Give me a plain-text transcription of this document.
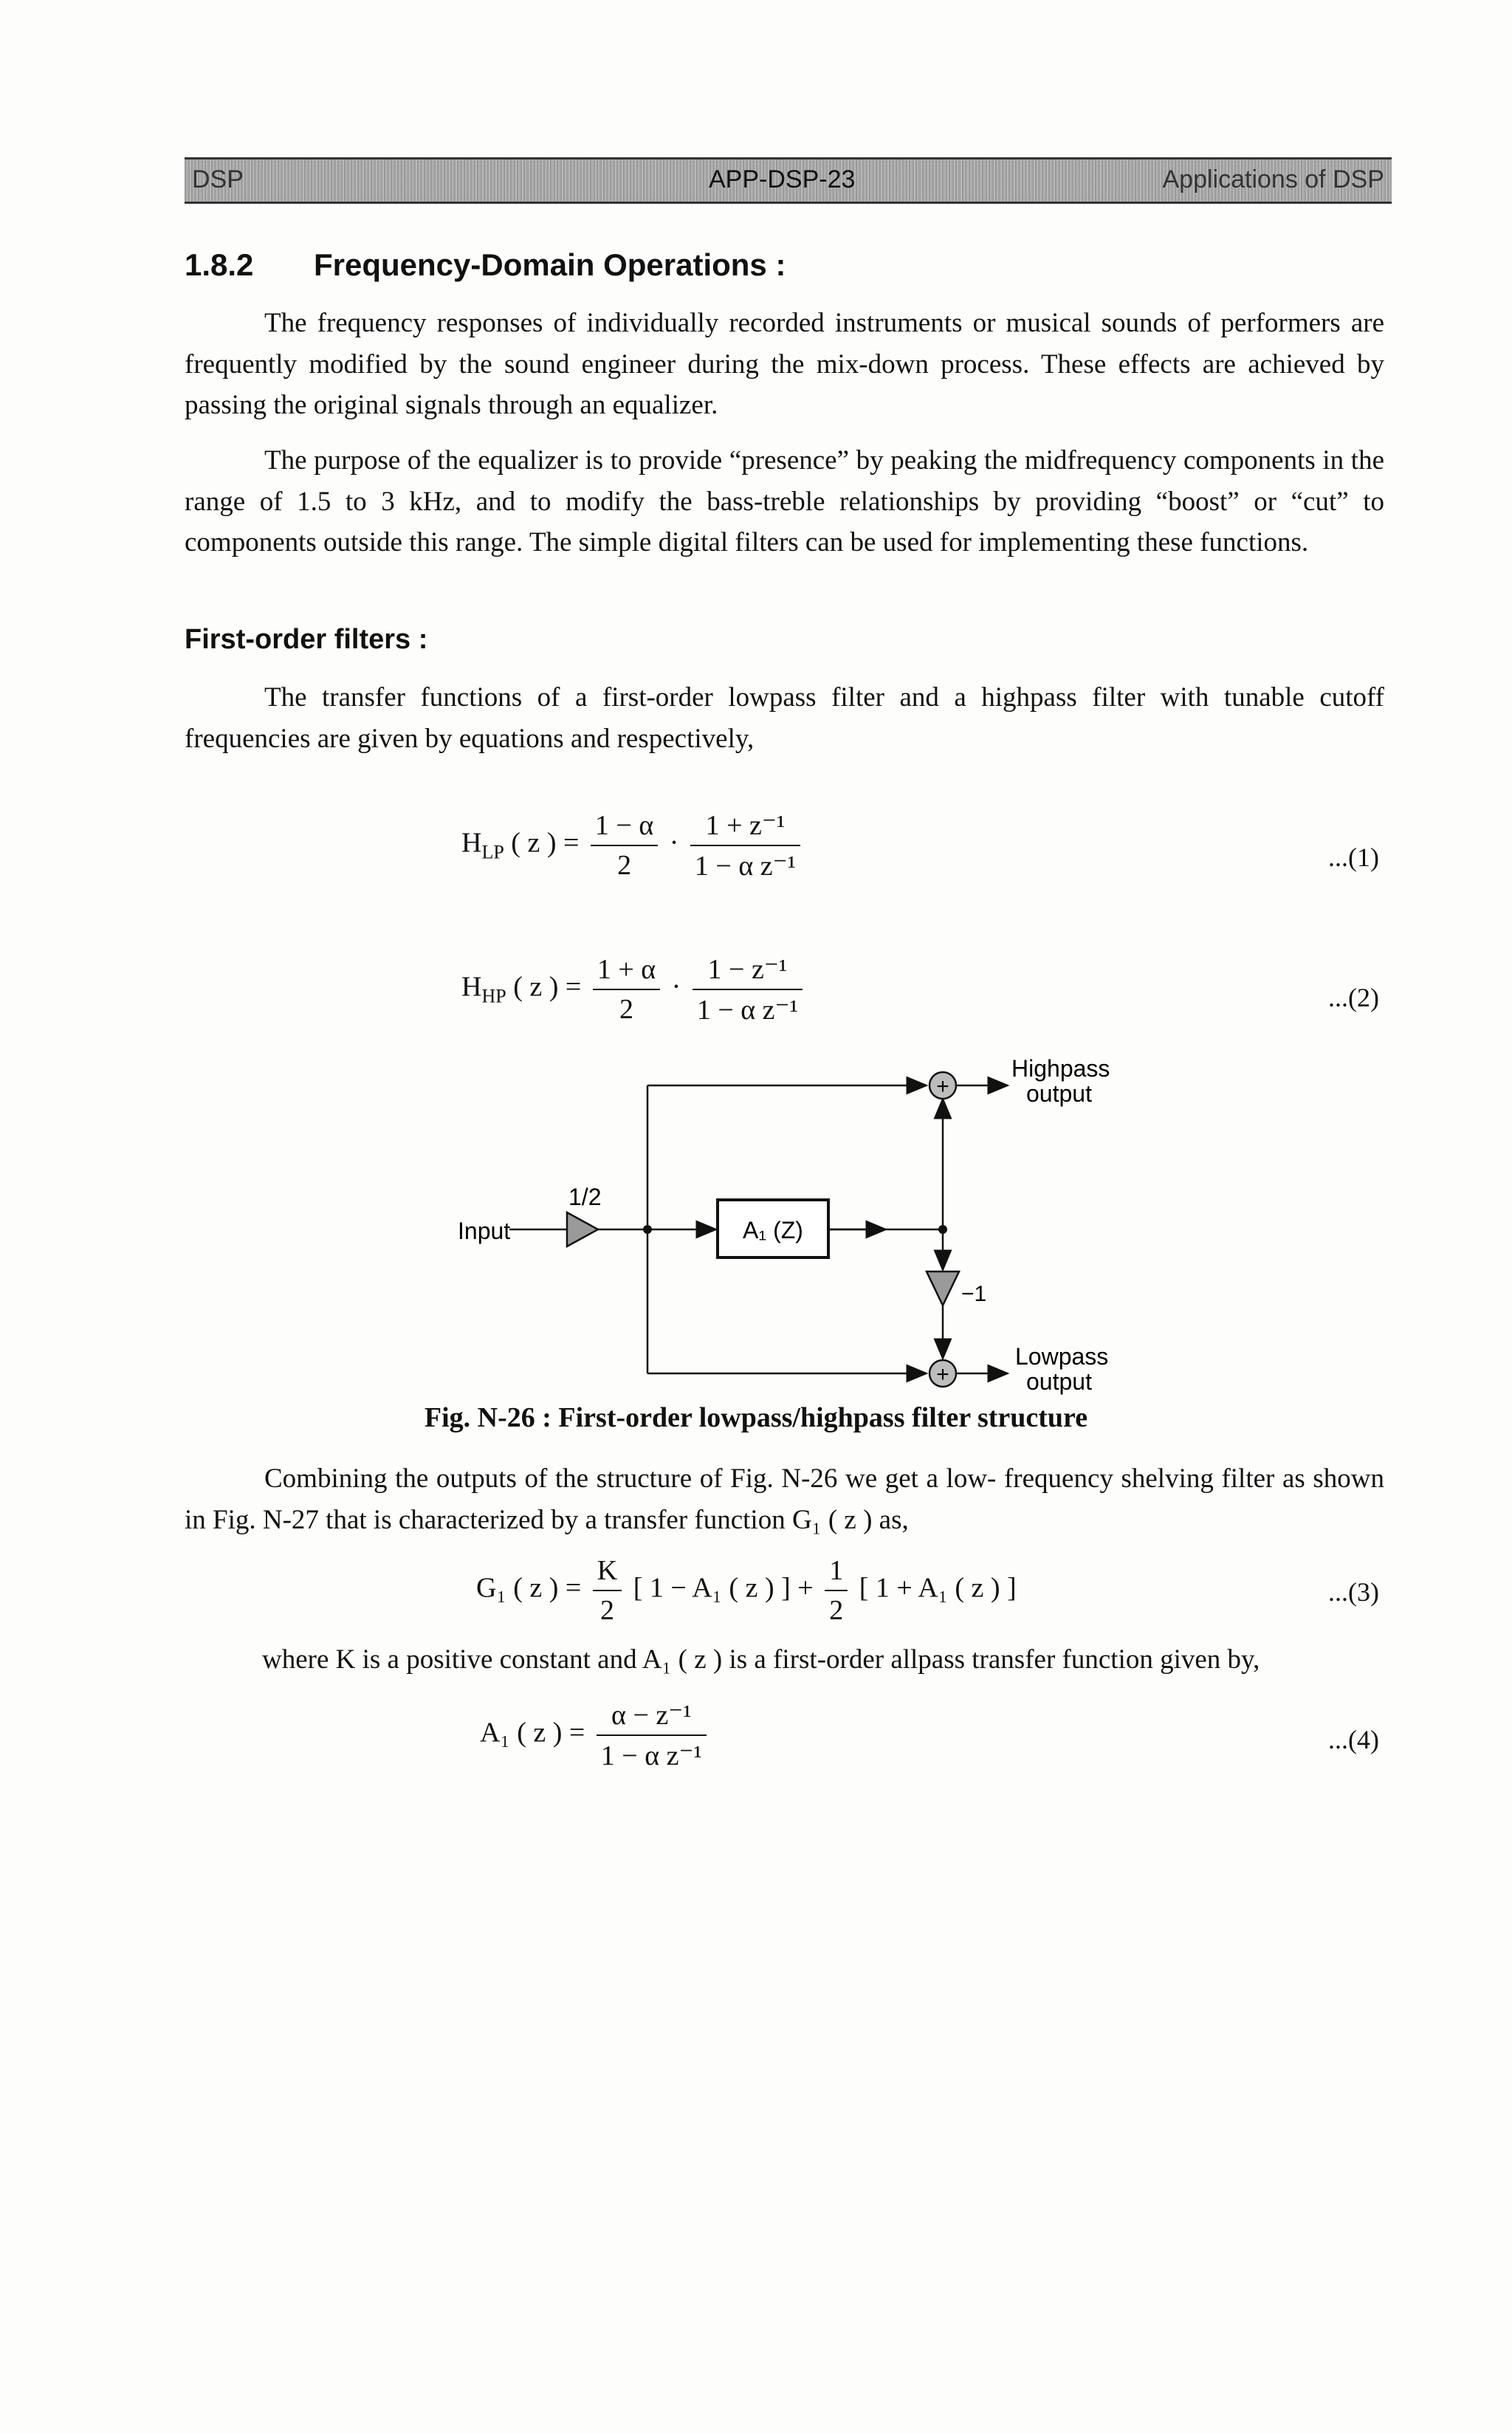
DSP	APP-DSP-23	Applications of DSP
1.8.2 Frequency-Domain Operations :

The frequency responses of individually recorded instruments or musical sounds of performers are frequently modified by the sound engineer during the mix-down process. These effects are achieved by passing the original signals through an equalizer.

The purpose of the equalizer is to provide “presence” by peaking the midfrequency components in the range of 1.5 to 3 kHz, and to modify the bass-treble relationships by providing “boost” or “cut” to components outside this range. The simple digital filters can be used for implementing these functions.

First-order filters :

The transfer functions of a first-order lowpass filter and a highpass filter with tunable cutoff frequencies are given by equations and respectively,

$H_{LP}$ ( z ) = $\frac{1 - \alpha}{2} \cdot \frac{\text{1 + z⁻¹}}{\text{1 − α z⁻¹}}$	...(1)
$H_{HP}$ ( z ) = $\frac{1 + \alpha}{2} \cdot \frac{\text{1 − z⁻¹}}{\text{1 − α z⁻¹}}$	...(2)
Input
1/2
A₁ (Z)
−1
+
Highpass
output
+
Lowpass
output
Fig. N-26 : First-order lowpass/highpass filter structure

Combining the outputs of the structure of Fig. N-26 we get a low- frequency shelving filter as shown in Fig. N-27 that is characterized by a transfer function G₁ ( z ) as,

G₁ ( z ) = $\frac{K}{2}$ [ 1 − A₁ ( z ) ] + $\frac{1}{2}$ [ 1 + A₁ ( z ) ]	...(3)

where K is a positive constant and A₁ ( z ) is a first-order allpass transfer function given by,

A₁ ( z ) = $\frac{\text{α − z⁻¹}}{\text{1 − α z⁻¹}}$	...(4)
